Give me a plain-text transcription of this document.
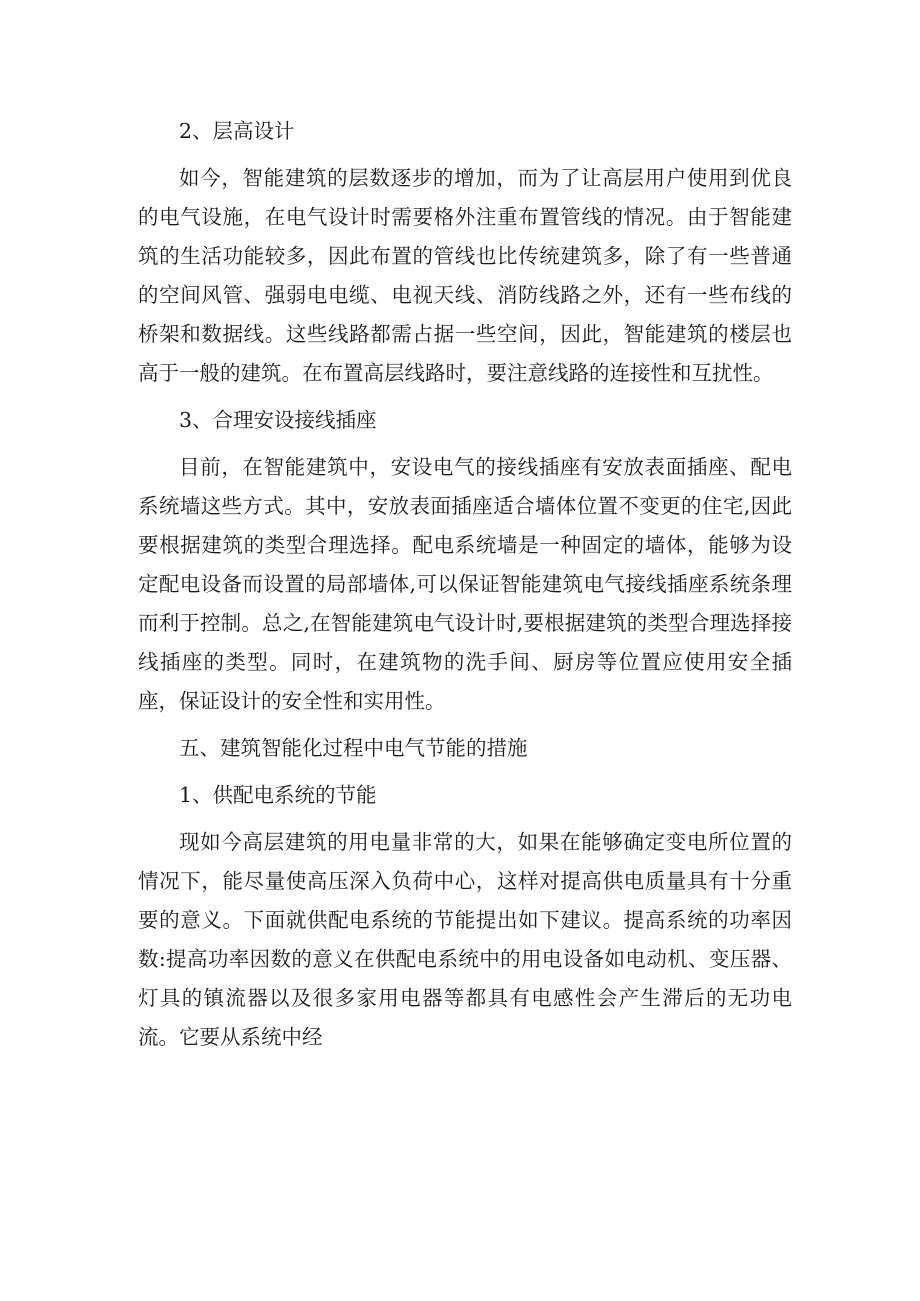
2、层高设计

如今，智能建筑的层数逐步的增加，而为了让高层用户使用到优良的电气设施，在电气设计时需要格外注重布置管线的情况。由于智能建筑的生活功能较多，因此布置的管线也比传统建筑多，除了有一些普通的空间风管、强弱电电缆、电视天线、消防线路之外，还有一些布线的桥架和数据线。这些线路都需占据一些空间，因此，智能建筑的楼层也高于一般的建筑。在布置高层线路时，要注意线路的连接性和互扰性。

3、合理安设接线插座

目前，在智能建筑中，安设电气的接线插座有安放表面插座、配电系统墙这些方式。其中，安放表面插座适合墙体位置不变更的住宅,因此要根据建筑的类型合理选择。配电系统墙是一种固定的墙体，能够为设定配电设备而设置的局部墙体,可以保证智能建筑电气接线插座系统条理而利于控制。总之,在智能建筑电气设计时,要根据建筑的类型合理选择接线插座的类型。同时，在建筑物的洗手间、厨房等位置应使用安全插座，保证设计的安全性和实用性。

五、建筑智能化过程中电气节能的措施

1、供配电系统的节能

现如今高层建筑的用电量非常的大，如果在能够确定变电所位置的情况下，能尽量使高压深入负荷中心，这样对提高供电质量具有十分重要的意义。下面就供配电系统的节能提出如下建议。提高系统的功率因数:提高功率因数的意义在供配电系统中的用电设备如电动机、变压器、灯具的镇流器以及很多家用电器等都具有电感性会产生滞后的无功电流。它要从系统中经
